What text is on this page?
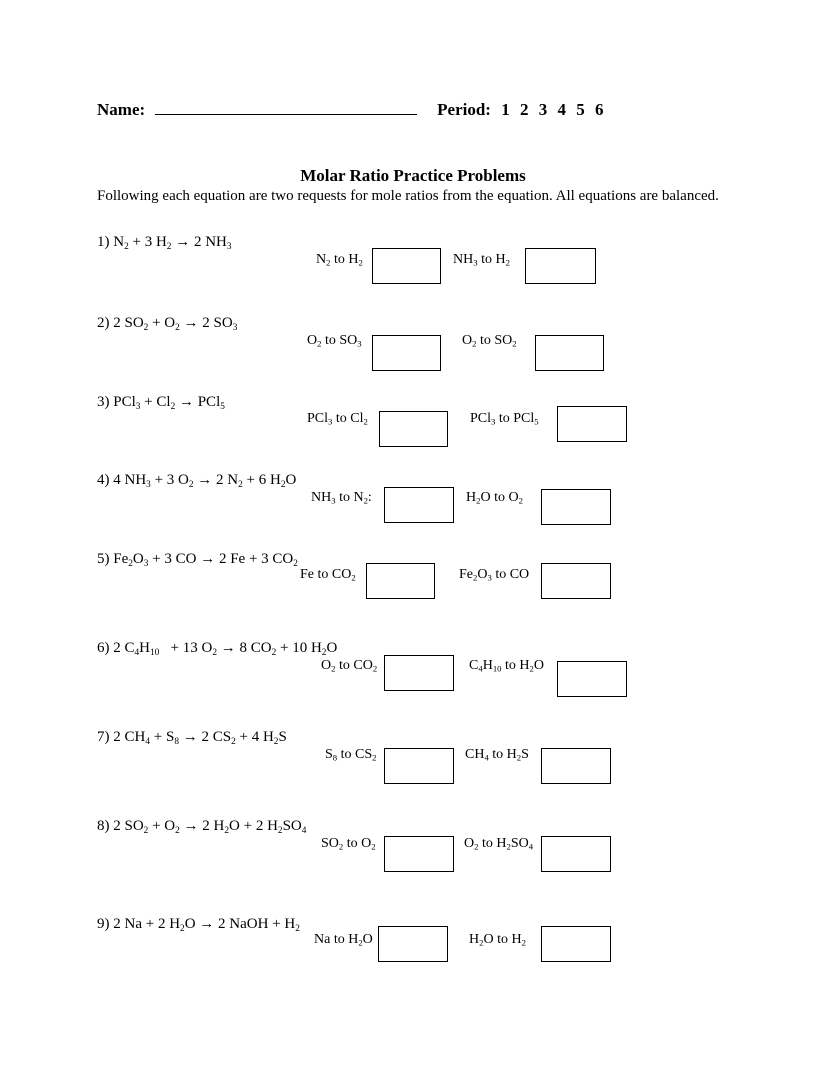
Name:	Period: 1 2 3 4 5 6
Molar Ratio Practice Problems
Following each equation are two requests for mole ratios from the equation. All equations are balanced.
1) $N_2 + 3$ $H_2 \to 2$ $NH_3$
$N_2$ to $H_2$	$NH_3$ to $H_2$
2) 2 $SO_2 + O_2 \to 2$ $SO_3$
$O_2$ to $SO_3$	$O_2$ to $SO_2$
3) $PCl_3 + Cl_2 \to PCl_5$
PCl$_3$ to $Cl_2$	PCl$_3$ to PCl$_5$
4) 4 $NH_3 + 3$ $O_2 \to 2$ $N_2 + 6$ $H_2O$
$NH_3$ to $N_2$:	$H_2O$ to $O_2$
5) $Fe_2O_3 + 3$ CO → 2 Fe + 3 $CO_2$
Fe to $CO_2$	$Fe_2O_3$ to CO
6) 2 $C_4H_{10} + 13$ $O_2 \to 8$ $CO_2 + 10$ $H_2O$
$O_2$ to $CO_2$	$C_4H_{10}$ to $H_2O$
7) 2 $CH_4 + S_8 \to 2$ $CS_2 + 4$ $H_2S$
$S_8$ to $CS_2$	$CH_4$ to $H_2S$
8) 2 $SO_2 + O_2 \to 2$ $H_2O + 2$ $H_2SO_4$
$SO_2$ to $O_2$	$O_2$ to $H_2SO_4$
9) 2 Na + 2 $H_2O \to 2$ NaOH + $H_2$
Na to $H_2O$	$H_2O$ to $H_2$
